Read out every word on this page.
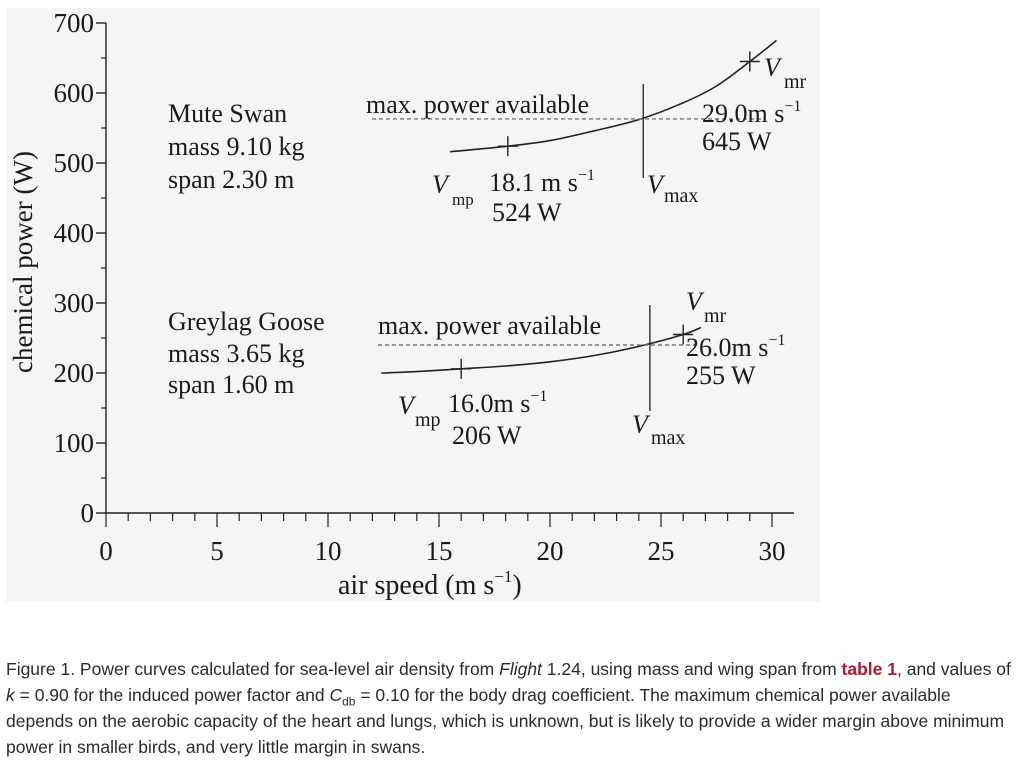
0
100
200
300
400
500
600
700
0	5	10	15	20	25	30
chemical power (W)
air speed (m $s^{-1}$)
Mute Swan
mass 9.10 kg
span 2.30 m
max. power available
V
mp
18.1 m $s^{-1}$
524 W
V max
V mr
29.0m $s^{-1}$
645 W
Greylag Goose
mass 3.65 kg
span 1.60 m
max. power available
V mp
16.0m $s^{-1}$
206 W	V max
V mr
26.0m $s^{-1}$
255 W

Figure 1. Power curves calculated for sea-level air density from Flight 1.24, using mass and wing span from table 1, and values of k = 0.90 for the induced power factor and $C_{db} = 0.10$ for the body drag coefficient. The maximum chemical power available depends on the aerobic capacity of the heart and lungs, which is unknown, but is likely to provide a wider margin above minimum power in smaller birds, and very little margin in swans.
